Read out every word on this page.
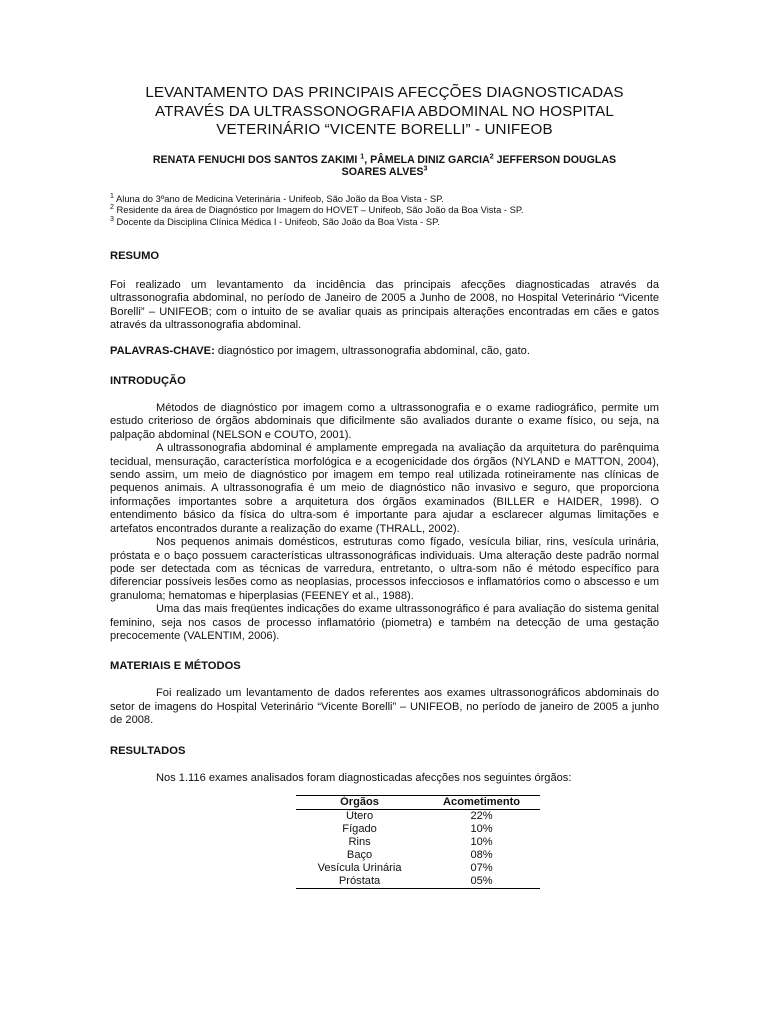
LEVANTAMENTO DAS PRINCIPAIS AFECÇÕES DIAGNOSTICADAS
ATRAVÉS DA ULTRASSONOGRAFIA ABDOMINAL NO HOSPITAL
VETERINÁRIO “VICENTE BORELLI” - UNIFEOB
RENATA FENUCHI DOS SANTOS ZAKIMI $^1$, PÂMELA DINIZ GARCIA$^2$ JEFFERSON DOUGLAS
SOARES ALVES$^3$
$^1$ Aluna do 3ºano de Medicina Veterinária - Unifeob, São João da Boa Vista - SP.
$^2$ Residente da área de Diagnóstico por Imagem do HOVET – Unifeob, São João da Boa Vista - SP.
$^3$ Docente da Disciplina Clínica Médica I - Unifeob, São João da Boa Vista - SP.
RESUMO

Foi realizado um levantamento da incidência das principais afecções diagnosticadas através da ultrassonografia abdominal, no período de Janeiro de 2005 a Junho de 2008, no Hospital Veterinário “Vicente Borelli” – UNIFEOB; com o intuito de se avaliar quais as principais alterações encontradas em cães e gatos através da ultrassonografia abdominal.

PALAVRAS-CHAVE: diagnóstico por imagem, ultrassonografia abdominal, cão, gato.

INTRODUÇÃO

Métodos de diagnóstico por imagem como a ultrassonografia e o exame radiográfico, permite um estudo criterioso de órgãos abdominais que dificilmente são avaliados durante o exame físico, ou seja, na palpação abdominal (NELSON e COUTO, 2001).

A ultrassonografia abdominal é amplamente empregada na avaliação da arquitetura do parênquima tecidual, mensuração, característica morfológica e a ecogenicidade dos órgãos (NYLAND e MATTON, 2004), sendo assim, um meio de diagnóstico por imagem em tempo real utilizada rotineiramente nas clínicas de pequenos animais. A ultrassonografia é um meio de diagnóstico não invasivo e seguro, que proporciona informações importantes sobre a arquitetura dos órgãos examinados (BILLER e HAIDER, 1998). O entendimento básico da física do ultra-som é importante para ajudar a esclarecer algumas limitações e artefatos encontrados durante a realização do exame (THRALL, 2002).

Nos pequenos animais domésticos, estruturas como fígado, vesícula biliar, rins, vesícula urinária, próstata e o baço possuem características ultrassonográficas individuais. Uma alteração deste padrão normal pode ser detectada com as técnicas de varredura, entretanto, o ultra-som não é método específico para diferenciar possíveis lesões como as neoplasias, processos infecciosos e inflamatórios como o abscesso e um granuloma; hematomas e hiperplasias (FEENEY et al., 1988).

Uma das mais freqüentes indicações do exame ultrassonográfico é para avaliação do sistema genital feminino, seja nos casos de processo inflamatório (piometra) e também na detecção de uma gestação precocemente (VALENTIM, 2006).

MATERIAIS E MÉTODOS

Foi realizado um levantamento de dados referentes aos exames ultrassonográficos abdominais do setor de imagens do Hospital Veterinário “Vicente Borelli” – UNIFEOB, no período de janeiro de 2005 a junho de 2008.

RESULTADOS

Nos 1.116 exames analisados foram diagnosticadas afecções nos seguintes órgãos:

Órgãos	Acometimento
Útero	22%
Fígado	10%
Rins	10%
Baço	08%
Vesícula Urinária	07%
Próstata	05%
